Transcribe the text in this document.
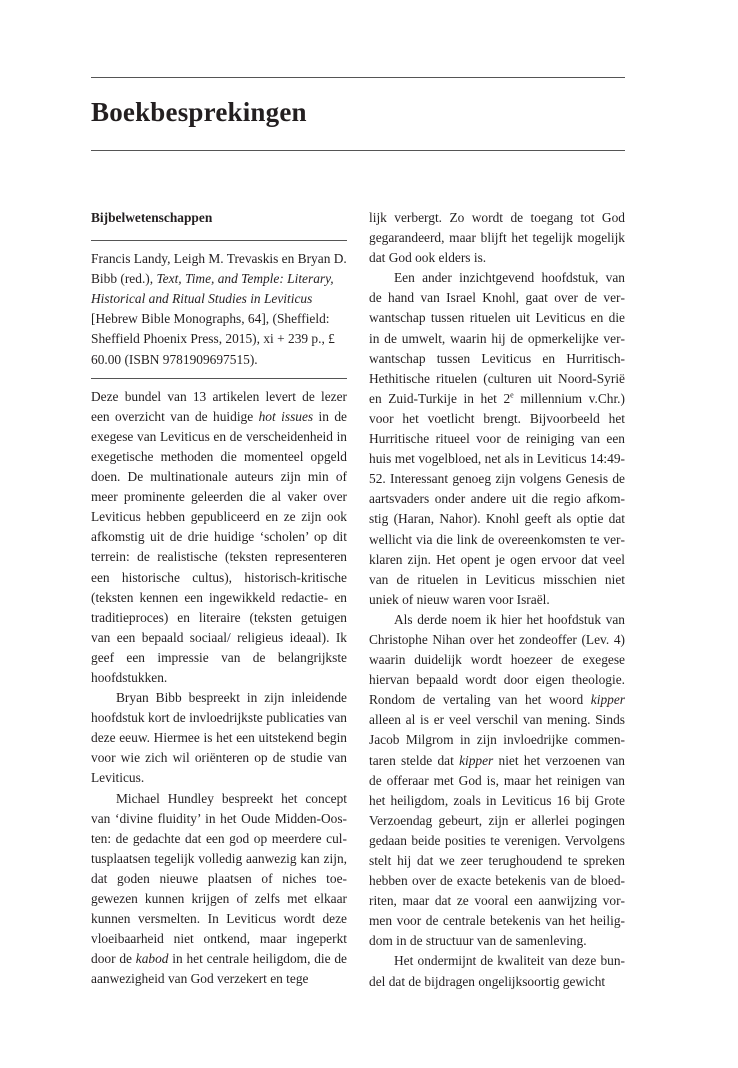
Boekbesprekingen
Bijbelwetenschappen
Francis Landy, Leigh M. Trevaskis en Bryan D. Bibb (red.), Text, Time, and Temple: Literary, Historical and Ritual Studies in Leviticus [Hebrew Bible Monographs, 64], (Sheffield: Sheffield Phoenix Press, 2015), xi + 239 p., £ 60.00 (ISBN 9781909697515).

Deze bundel van 13 artikelen levert de lezer een overzicht van de huidige hot issues in de exegese van Leviticus en de verscheidenheid in exegetische methoden die momenteel opgeld doen. De multinationale auteurs zijn min of meer prominente geleerden die al vaker over Leviticus hebben gepubliceerd en ze zijn ook afkomstig uit de drie huidige ‘scholen’ op dit terrein: de realistische (teksten representeren een historische cultus), historisch-kritische (teksten kennen een ingewikkeld redactie- en traditieproces) en literaire (teksten getuigen van een bepaald sociaal/ religieus ideaal). Ik geef een impressie van de belangrijkste hoofdstukken.

Bryan Bibb bespreekt in zijn inleidende hoofdstuk kort de invloedrijkste publicaties van deze eeuw. Hiermee is het een uitstekend begin voor wie zich wil oriënteren op de studie van Leviticus.

Michael Hundley bespreekt het concept van ‘divine fluidity’ in het Oude Midden-Oosten: de gedachte dat een god op meerdere cultusplaatsen tegelijk volledig aanwezig kan zijn, dat goden nieuwe plaatsen of niches toegewezen kunnen krijgen of zelfs met elkaar kunnen versmelten. In Leviticus wordt deze vloeibaarheid niet ontkend, maar ingeperkt door de kabod in het centrale heiligdom, die de aanwezigheid van God verzekert en tege

lijk verbergt. Zo wordt de toegang tot God gegarandeerd, maar blijft het tegelijk mogelijk dat God ook elders is.

Een ander inzichtgevend hoofdstuk, van de hand van Israel Knohl, gaat over de verwantschap tussen rituelen uit Leviticus en die in de umwelt, waarin hij de opmerkelijke verwantschap tussen Leviticus en Hurritisch-Hethitische rituelen (culturen uit Noord-Syrië en Zuid-Turkije in het 2e millennium v.Chr.) voor het voetlicht brengt. Bijvoorbeeld het Hurritische ritueel voor de reiniging van een huis met vogelbloed, net als in Leviticus 14:49-52. Interessant genoeg zijn volgens Genesis de aartsvaders onder andere uit die regio afkomstig (Haran, Nahor). Knohl geeft als optie dat wellicht via die link de overeenkomsten te verklaren zijn. Het opent je ogen ervoor dat veel van de rituelen in Leviticus misschien niet uniek of nieuw waren voor Israël.

Als derde noem ik hier het hoofdstuk van Christophe Nihan over het zondeoffer (Lev. 4) waarin duidelijk wordt hoezeer de exegese hiervan bepaald wordt door eigen theologie. Rondom de vertaling van het woord kipper alleen al is er veel verschil van mening. Sinds Jacob Milgrom in zijn invloedrijke commentaren stelde dat kipper niet het verzoenen van de offeraar met God is, maar het reinigen van het heiligdom, zoals in Leviticus 16 bij Grote Verzoendag gebeurt, zijn er allerlei pogingen gedaan beide posities te verenigen. Vervolgens stelt hij dat we zeer terughoudend te spreken hebben over de exacte betekenis van de bloedriten, maar dat ze vooral een aanwijzing vormen voor de centrale betekenis van het heiligdom in de structuur van de samenleving.

Het ondermijnt de kwaliteit van deze bundel dat de bijdragen ongelijksoortig gewicht
